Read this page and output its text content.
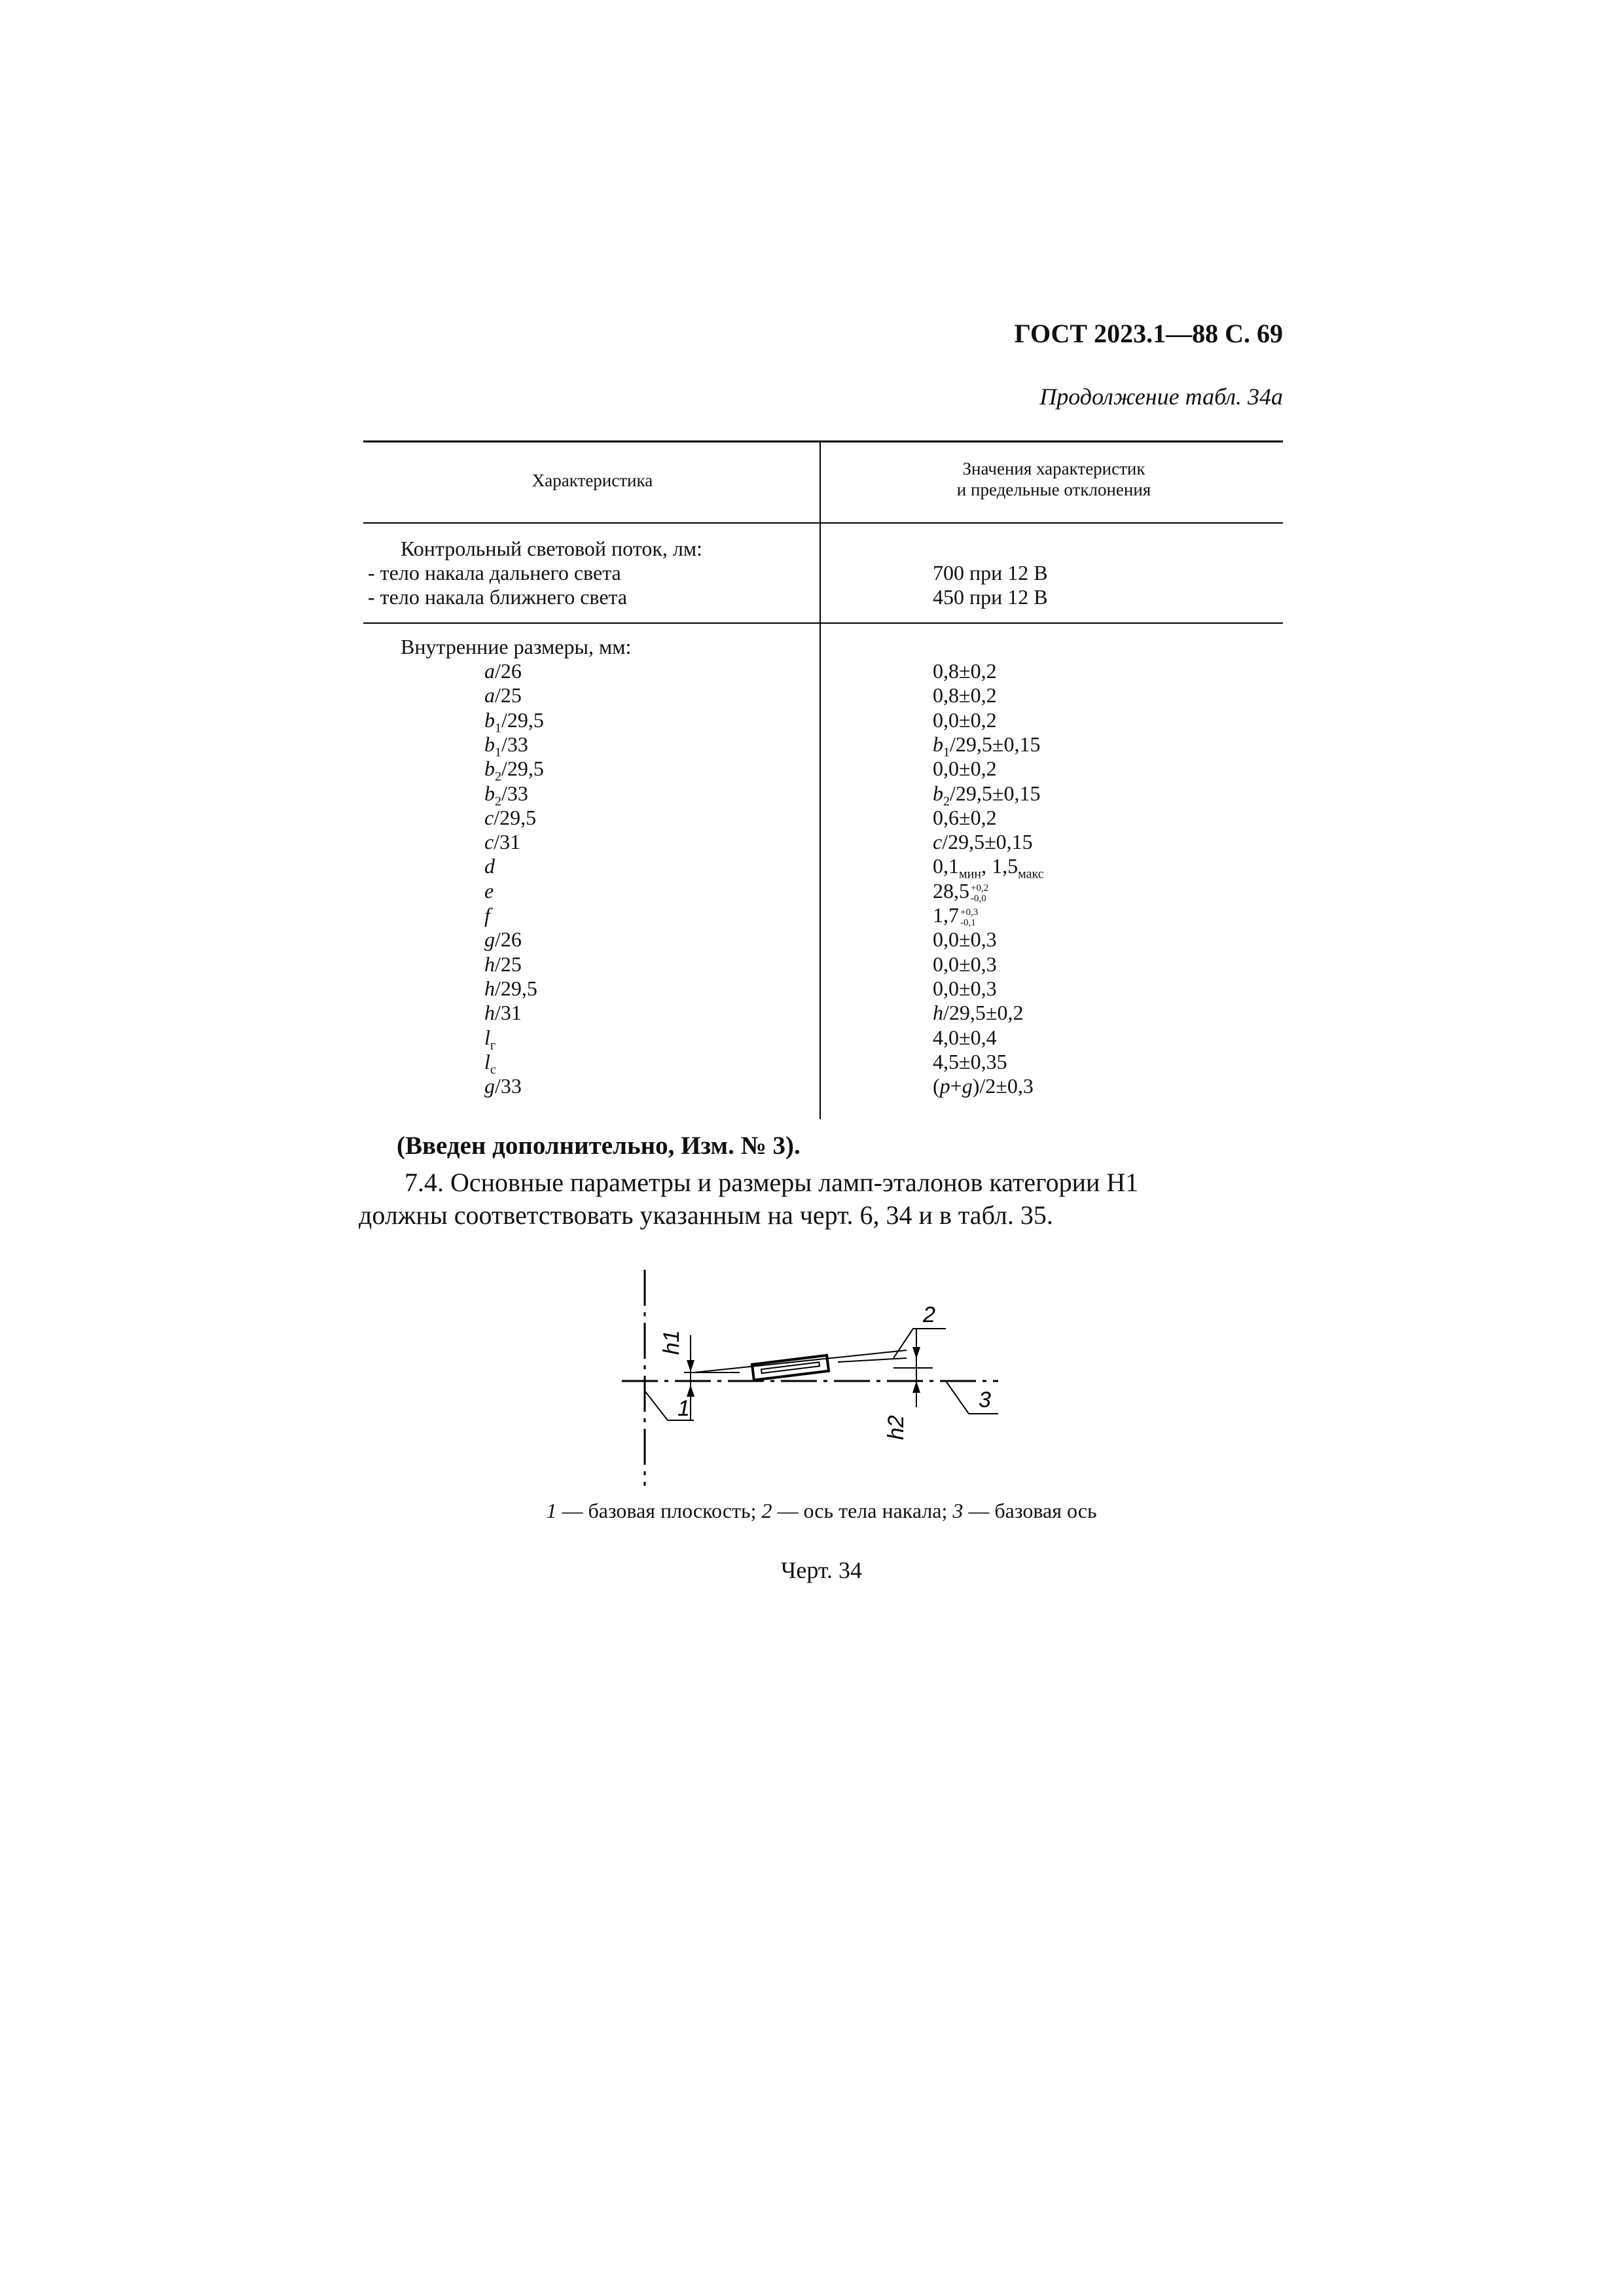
ГОСТ 2023.1—88 С. 69
Продолжение табл. 34а
Характеристика
Значения характеристик
и предельные отклонения
Контрольный световой поток, лм:
- тело накала дальнего света	700 при 12 В
- тело накала ближнего света	450 при 12 В
Внутренние размеры, мм:
a/26	0,8±0,2
a/25	0,8±0,2
$b_1/29,5$	0,0±0,2
$b_1/33$	$b_1/29,5\pm 0,15$
$b_2/29,5$	0,0±0,2
$b_2/33$	$b_2/29,5\pm 0,15$
c/29,5	0,6±0,2
c/31	c/29,5±0,15
d	$0,1_{мин}$, $1,5_{макс}$
e	28,5 +0,2
-0,0
f	1,7 +0,3
-0,1
g/26	0,0±0,3
h/25	0,0±0,3
h/29,5	0,0±0,3
h/31	h/29,5±0,2
$l_г$	4,0±0,4
$l_с$	4,5±0,35
g/33	(p+g)/2±0,3
(Введен дополнительно, Изм. № 3).

7.4. Основные параметры и размеры ламп-эталонов категории Н1

должны соответствовать указанным на черт. 6, 34 и в табл. 35.

h1
h2
1
2
3
1 — базовая плоскость; 2 — ось тела накала; 3 — базовая ось
Черт. 34
